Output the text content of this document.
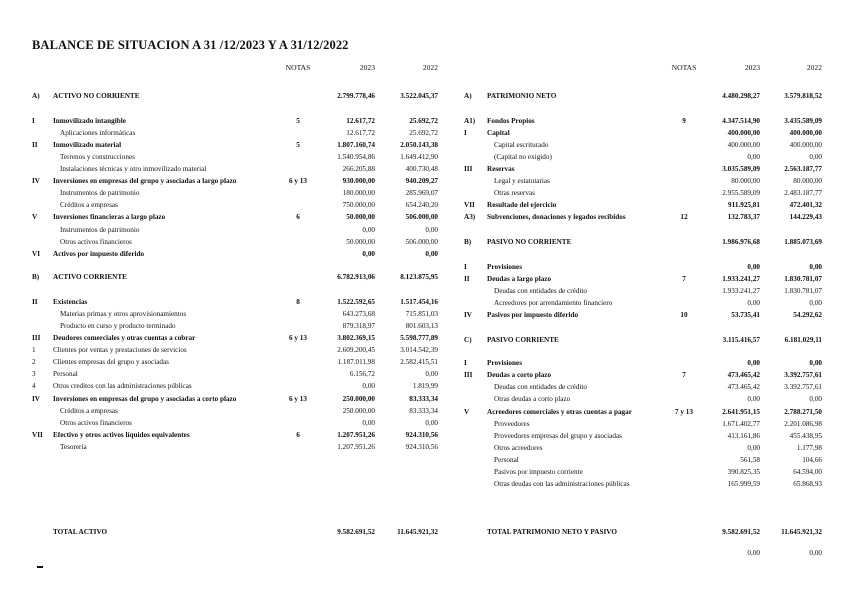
BALANCE DE SITUACION A 31 /12/2023 Y A 31/12/2022
NOTAS	2023	2022	NOTAS	2023	2022
A)	ACTIVO NO CORRIENTE	2.799.778,46	3.522.045,37
I	Inmovilizado intangible	5	12.617,72	25.692,72
Aplicaciones informáticas	12.617,72	25.692,72
II	Inmovilizado material	5	1.807.160,74	2.050.143,38
Terrenos y construcciones	1.540.954,86	1.649.412,90
Instalaciones técnicas y otro inmovilizado material	266.205,88	400.730,48
IV	Inversiones en empresas del grupo y asociadas a largo plazo	6 y 13	930.000,00	940.209,27
Instrumentos de patrimonio	180.000,00	285.969,07
Créditos a empresas	750.000,00	654.240,20
V	Inversiones financieras a largo plazo	6	50.000,00	506.000,00
Instrumentos de patrimonio	0,00	0,00
Otros activos financieros	50.000,00	506.000,00
VI	Activos por impuesto diferido	0,00	0,00
B)	ACTIVO CORRIENTE	6.782.913,06	8.123.875,95
II	Existencias	8	1.522.592,65	1.517.454,16
Materias primas y otros aprovisionamientos	643.273,68	715.851,03
Producto en curso y producto terminado	879.318,97	801.603,13
III	Deudores comerciales y otras cuentas a cobrar	6 y 13	3.802.369,15	5.598.777,89
1	Clientes por ventas y prestaciones de servicios	2.609.200,45	3.014.542,39
2	Clientes empresas del grupo y asociadas	1.187.011,98	2.582.415,51
3	Personal	6.156,72	0,00
4	Otros creditos con las administraciones públicas	0,00	1.819,99
IV	Inversiones en empresas del grupo y asociadas a corto plazo	6 y 13	250.000,00	83.333,34
Créditos a empresas	250.000,00	83.333,34
Otros activos financieros	0,00	0,00
VII	Efectivo y otros activos líquidos equivalentes	6	1.207.951,26	924.310,56
Tesorería	1.207.951,26	924.310,56
TOTAL ACTIVO	9.582.691,52	11.645.921,32
A)	PATRIMONIO NETO	4.480.298,27	3.579.818,52
A1)	Fondos Propios	9	4.347.514,90	3.435.589,09
I	Capital	400.000,00	400.000,00
Capital escriturado	400.000,00	400.000,00
(Capital no exigido)	0,00	0,00
III	Reservas	3.035.589,09	2.563.187,77
Legal y estatutarias	80.000,00	80.000,00
Otras reservas	2.955.589,09	2.483.187,77
VII	Resultado del ejercicio	911.925,81	472.401,32
A3)	Subvenciones, donaciones y legados recibidos	12	132.783,37	144.229,43
B)	PASIVO NO CORRIENTE	1.986.976,68	1.885.073,69
I	Provisiones	0,00	0,00
II	Deudas a largo plazo	7	1.933.241,27	1.830.781,07
Deudas con entidades de crédito	1.933.241,27	1.830.781,07
Acreedores por arrendamiento financiero	0,00	0,00
IV	Pasivos por impuesto diferido	10	53.735,41	54.292,62
C)	PASIVO CORRIENTE	3.115.416,57	6.181.029,11
I	Provisiones	0,00	0,00
III	Deudas a corto plazo	7	473.465,42	3.392.757,61
Deudas con entidades de crédito	473.465,42	3.392.757,61
Otras deudas a corto plazo	0,00	0,00
V	Acreedores comerciales y otras cuentas a pagar	7 y 13	2.641.951,15	2.788.271,50
Proveedores	1.671.402,77	2.201.086,98
Proveedores empresas del grupo y asociadas	413.161,86	455.438,95
Otros acreedores	0,00	1.177,98
Personal	561,58	104,66
Pasivos por impuesto corriente	390.825,35	64.594,00
Otras deudas con las administraciones públicas	165.999,59	65.868,93
TOTAL PATRIMONIO NETO Y PASIVO	9.582.691,52	11.645.921,32
0,00	0,00
